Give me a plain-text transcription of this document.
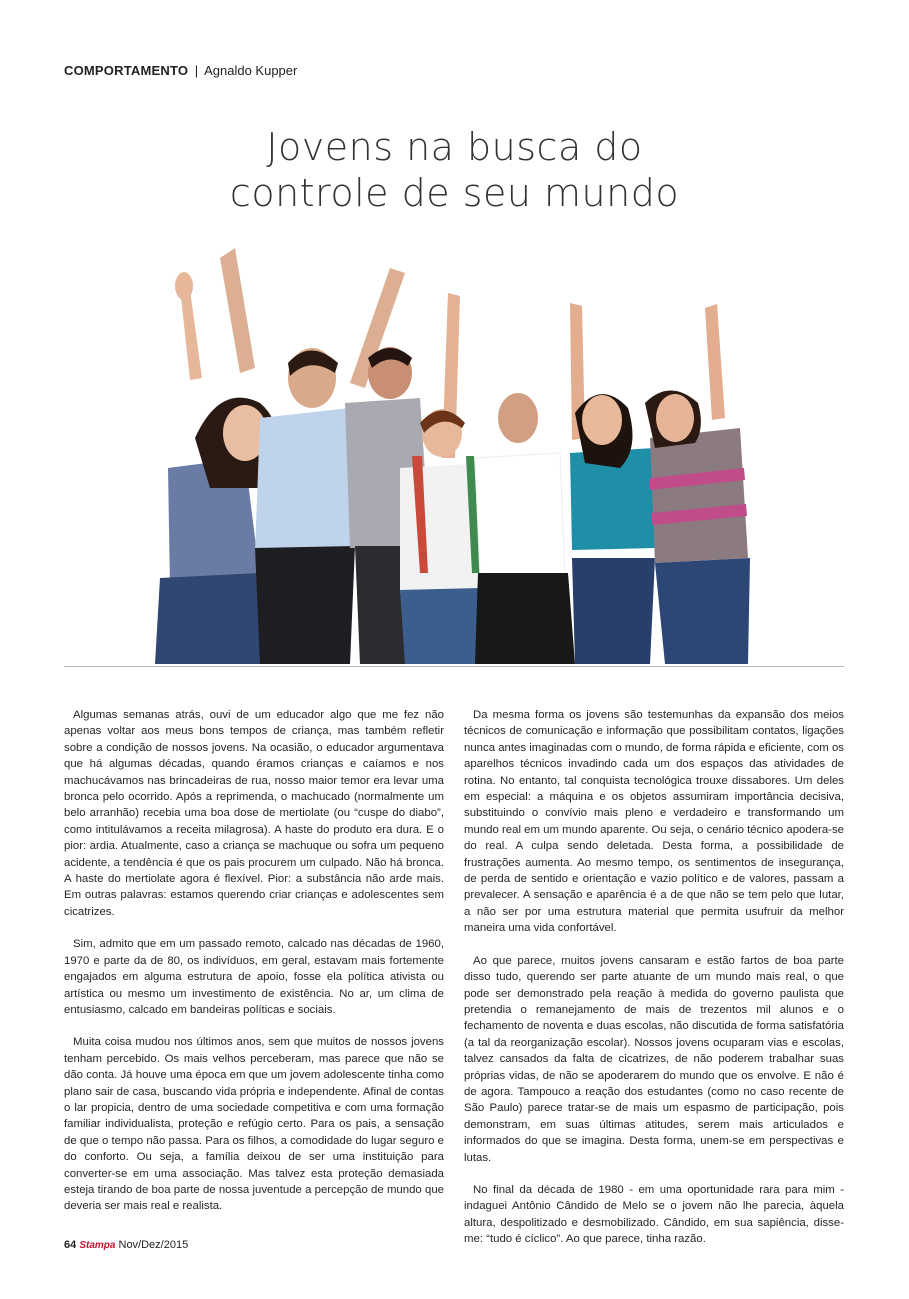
COMPORTAMENTO | Agnaldo Kupper
Jovens na busca do
controle de seu mundo

Algumas semanas atrás, ouvi de um educador algo que me fez não apenas voltar aos meus bons tempos de criança, mas também refletir sobre a condição de nossos jovens. Na ocasião, o educador argumentava que há algumas décadas, quando éramos crianças e caíamos e nos machucávamos nas brincadeiras de rua, nosso maior temor era levar uma bronca pelo ocorrido. Após a reprimenda, o machucado (normalmente um belo arranhão) recebia uma boa dose de mertiolate (ou “cuspe do diabo”, como intitulávamos a receita milagrosa). A haste do produto era dura. E o pior: ardia. Atualmente, caso a criança se machuque ou sofra um pequeno acidente, a tendência é que os pais procurem um culpado. Não há bronca. A haste do mertiolate agora é flexível. Pior: a substância não arde mais. Em outras palavras: estamos querendo criar crianças e adolescentes sem cicatrizes.

Sim, admito que em um passado remoto, calcado nas décadas de 1960, 1970 e parte da de 80, os indivíduos, em geral, estavam mais fortemente engajados em alguma estrutura de apoio, fosse ela política ativista ou artística ou mesmo um investimento de existência. No ar, um clima de entusiasmo, calcado em bandeiras políticas e sociais.

Muita coisa mudou nos últimos anos, sem que muitos de nossos jovens tenham percebido. Os mais velhos perceberam, mas parece que não se dão conta. Já houve uma época em que um jovem adolescente tinha como plano sair de casa, buscando vida própria e independente. Afinal de contas o lar propicia, dentro de uma sociedade competitiva e com uma formação familiar individualista, proteção e refúgio certo. Para os pais, a sensação de que o tempo não passa. Para os filhos, a comodidade do lugar seguro e do conforto. Ou seja, a família deixou de ser uma instituição para converter-se em uma associação. Mas talvez esta proteção demasiada esteja tirando de boa parte de nossa juventude a percepção de mundo que deveria ser mais real e realista.

Da mesma forma os jovens são testemunhas da expansão dos meios técnicos de comunicação e informação que possibilitam contatos, ligações nunca antes imaginadas com o mundo, de forma rápida e eficiente, com os aparelhos técnicos invadindo cada um dos espaços das atividades de rotina. No entanto, tal conquista tecnológica trouxe dissabores. Um deles em especial: a máquina e os objetos assumiram importância decisiva, substituindo o convívio mais pleno e verdadeiro e transformando um mundo real em um mundo aparente. Ou seja, o cenário técnico apodera-se do real. A culpa sendo deletada. Desta forma, a possibilidade de frustrações aumenta. Ao mesmo tempo, os sentimentos de insegurança, de perda de sentido e orientação e vazio político e de valores, passam a prevalecer. A sensação e aparência é a de que não se tem pelo que lutar, a não ser por uma estrutura material que permita usufruir da melhor maneira uma vida confortável.

Ao que parece, muitos jovens cansaram e estão fartos de boa parte disso tudo, querendo ser parte atuante de um mundo mais real, o que pode ser demonstrado pela reação à medida do governo paulista que pretendia o remanejamento de mais de trezentos mil alunos e o fechamento de noventa e duas escolas, não discutida de forma satisfatória (a tal da reorganização escolar). Nossos jovens ocuparam vias e escolas, talvez cansados da falta de cicatrizes, de não poderem trabalhar suas próprias vidas, de não se apoderarem do mundo que os envolve. E não é de agora. Tampouco a reação dos estudantes (como no caso recente de São Paulo) parece tratar-se de mais um espasmo de participação, pois demonstram, em suas últimas atitudes, serem mais articulados e informados do que se imagina. Desta forma, unem-se em perspectivas e lutas.

No final da década de 1980 - em uma oportunidade rara para mim - indaguei Antônio Cândido de Melo se o jovem não lhe parecia, àquela altura, despolitizado e desmobilizado. Cândido, em sua sapiência, disse-me: “tudo é cíclico”. Ao que parece, tinha razão.

64 Stampa Nov/Dez/2015
